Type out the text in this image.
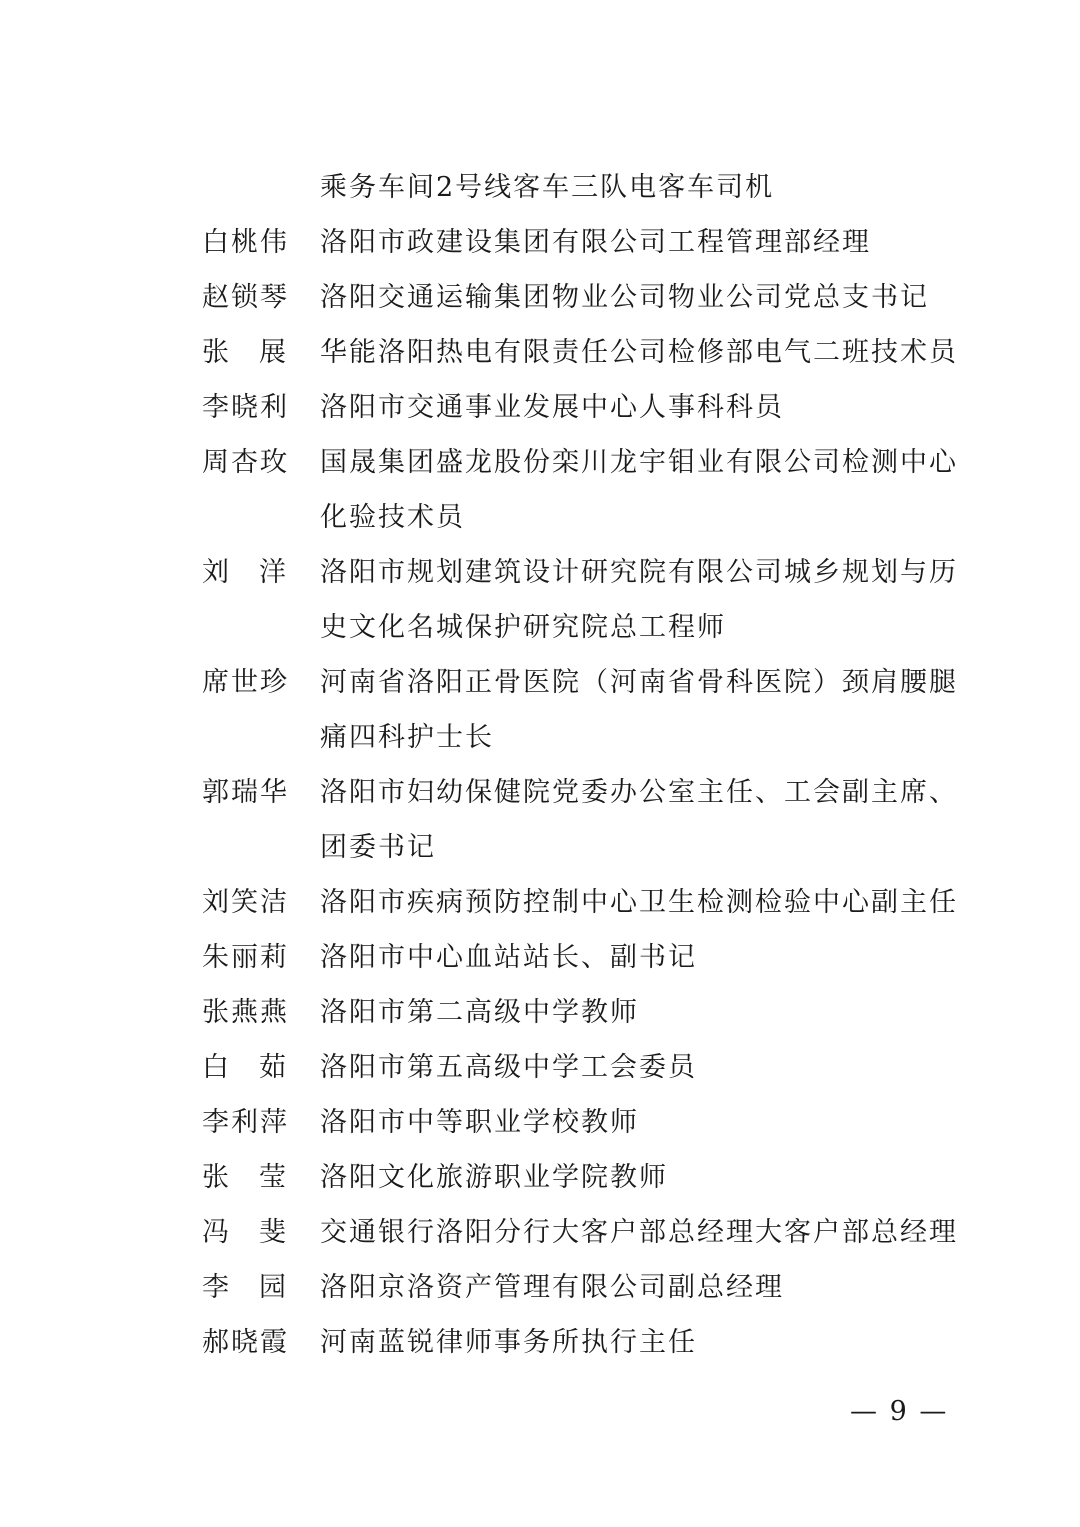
乘务车间2号线客车三队电客车司机
白桃伟	洛阳市政建设集团有限公司工程管理部经理
赵锁琴	洛阳交通运输集团物业公司物业公司党总支书记
张展	华能洛阳热电有限责任公司检修部电气二班技术员
李晓利	洛阳市交通事业发展中心人事科科员
周杏玫	国晟集团盛龙股份栾川龙宇钼业有限公司检测中心化验技术员
刘洋	洛阳市规划建筑设计研究院有限公司城乡规划与历史文化名城保护研究院总工程师
席世珍	河南省洛阳正骨医院（河南省骨科医院）颈肩腰腿痛四科护士长
郭瑞华	洛阳市妇幼保健院党委办公室主任、工会副主席、团委书记
刘笑洁	洛阳市疾病预防控制中心卫生检测检验中心副主任
朱丽莉	洛阳市中心血站站长、副书记
张燕燕	洛阳市第二高级中学教师
白茹	洛阳市第五高级中学工会委员
李利萍	洛阳市中等职业学校教师
张莹	洛阳文化旅游职业学院教师
冯斐	交通银行洛阳分行大客户部总经理大客户部总经理
李园	洛阳京洛资产管理有限公司副总经理
郝晓霞	河南蓝锐律师事务所执行主任
— 9 —
